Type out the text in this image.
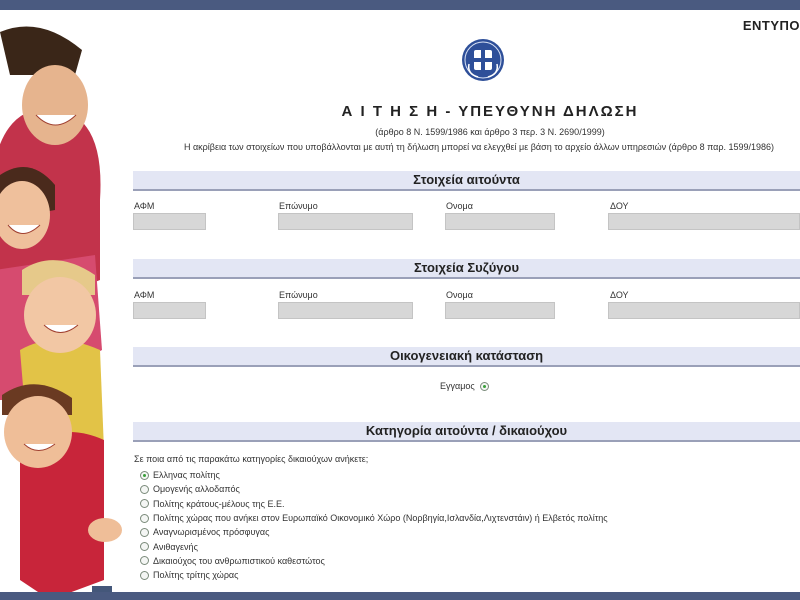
ΕΝΤΥΠΟ
Α Ι Τ Η Σ Η - ΥΠΕΥΘΥΝΗ ΔΗΛΩΣΗ
(άρθρο 8 Ν. 1599/1986 και άρθρο 3 περ. 3 Ν. 2690/1999)
Η ακρίβεια των στοιχείων που υποβάλλονται με αυτή τη δήλωση μπορεί να ελεγχθεί με βάση το αρχείο άλλων υπηρεσιών (άρθρο 8 παρ. 1599/1986)
Στοιχεία αιτούντα
ΑΦΜ	Επώνυμο	Ονομα	ΔΟΥ
Στοιχεία Συζύγου
ΑΦΜ	Επώνυμο	Ονομα	ΔΟΥ
Οικογενειακή κατάσταση
Εγγαμος
Κατηγορία αιτούντα / δικαιούχου
Σε ποια από τις παρακάτω κατηγορίες δικαιούχων ανήκετε;
Ελληνας πολίτης
Ομογενής αλλοδαπός
Πολίτης κράτους-μέλους της Ε.Ε.
Πολίτης χώρας που ανήκει στον Ευρωπαϊκό Οικονομικό Χώρο (Νορβηγία,Ισλανδία,Λιχτενστάιν) ή Ελβετός πολίτης
Αναγνωρισμένος πρόσφυγας
Ανιθαγενής
Δικαιούχος του ανθρωπιστικού καθεστώτος
Πολίτης τρίτης χώρας
